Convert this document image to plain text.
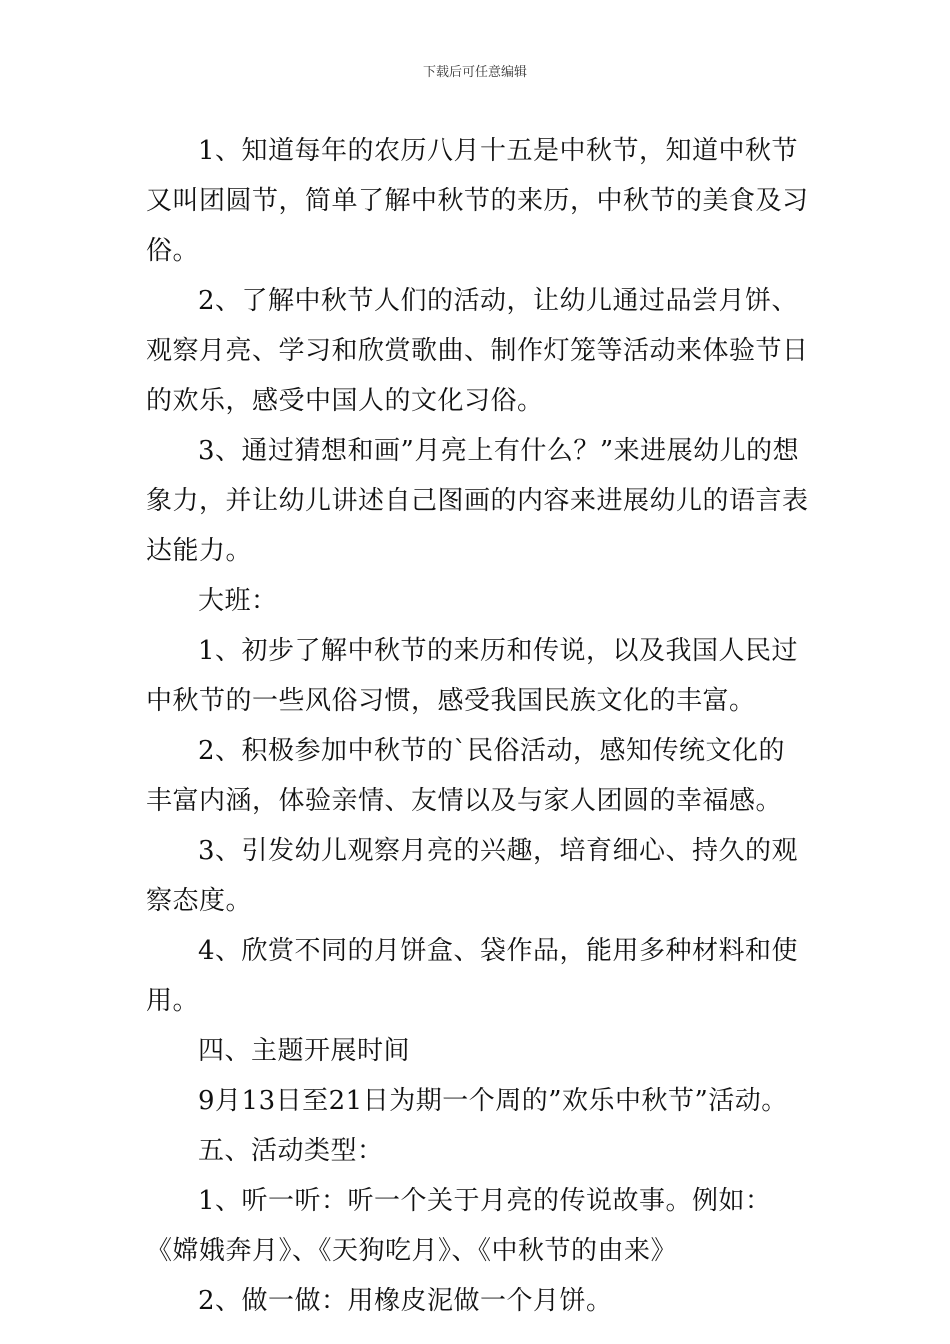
下载后可任意编辑

1、知道每年的农历八月十五是中秋节，知道中秋节又叫团圆节，简单了解中秋节的来历，中秋节的美食及习俗。

2、了解中秋节人们的活动，让幼儿通过品尝月饼、观察月亮、学习和欣赏歌曲、制作灯笼等活动来体验节日的欢乐，感受中国人的文化习俗。

3、通过猜想和画”月亮上有什么？”来进展幼儿的想象力，并让幼儿讲述自己图画的内容来进展幼儿的语言表达能力。

大班：

1、初步了解中秋节的来历和传说，以及我国人民过中秋节的一些风俗习惯，感受我国民族文化的丰富。

2、积极参加中秋节的`民俗活动，感知传统文化的丰富内涵，体验亲情、友情以及与家人团圆的幸福感。

3、引发幼儿观察月亮的兴趣，培育细心、持久的观察态度。

4、欣赏不同的月饼盒、袋作品，能用多种材料和使用。

四、主题开展时间

9月13日至21日为期一个周的”欢乐中秋节”活动。

五、活动类型：

1、听一听：听一个关于月亮的传说故事。例如：《嫦娥奔月》、《天狗吃月》、《中秋节的由来》

2、做一做：用橡皮泥做一个月饼。
